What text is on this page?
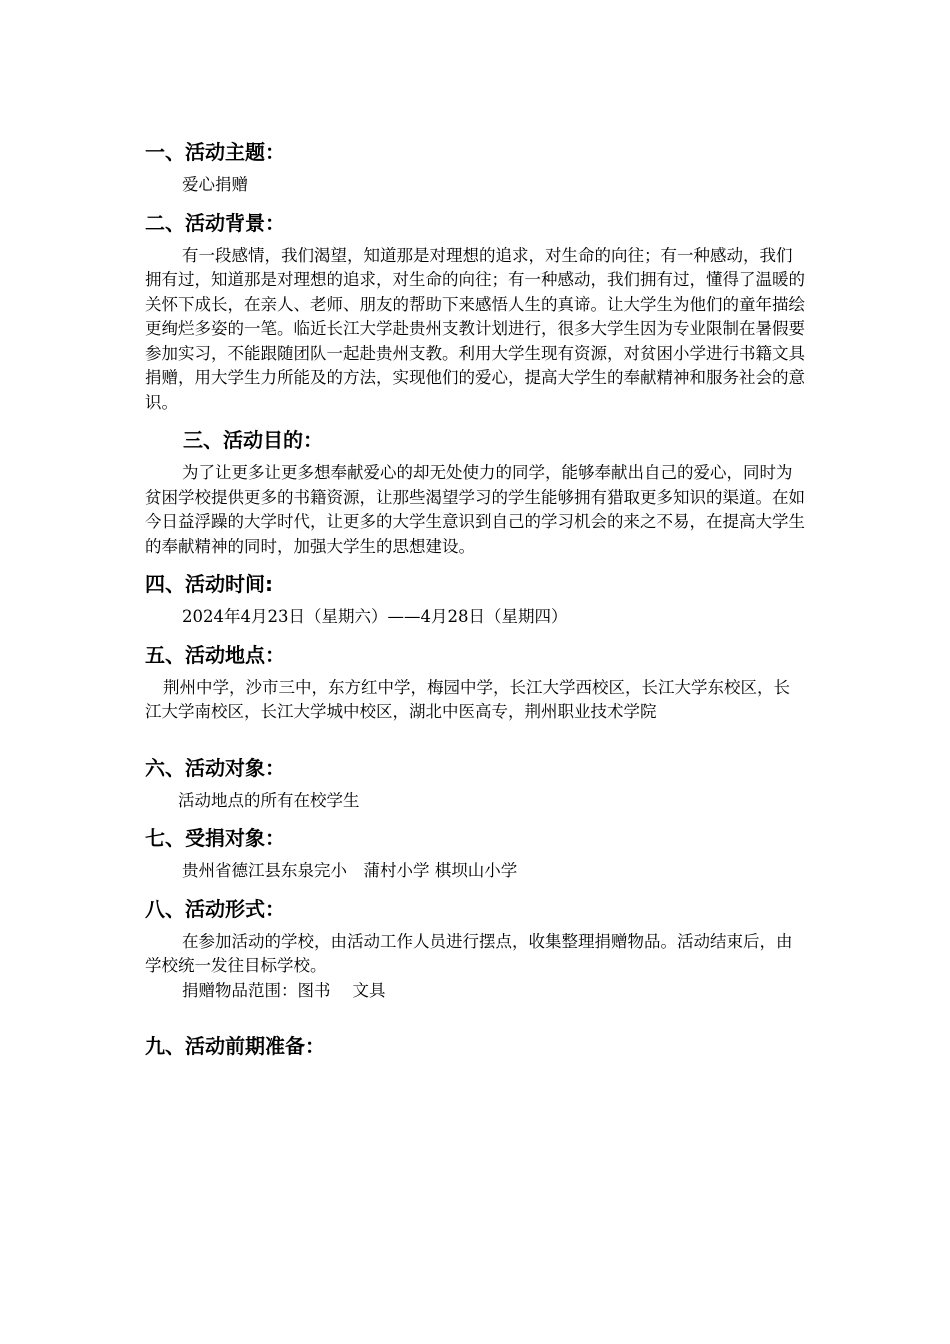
一、活动主题：

爱心捐赠

二、活动背景：

有一段感情，我们渴望，知道那是对理想的追求，对生命的向往；有一种感动，我们拥有过，知道那是对理想的追求，对生命的向往；有一种感动，我们拥有过，懂得了温暖的关怀下成长，在亲人、老师、朋友的帮助下来感悟人生的真谛。让大学生为他们的童年描绘更绚烂多姿的一笔。临近长江大学赴贵州支教计划进行，很多大学生因为专业限制在暑假要参加实习，不能跟随团队一起赴贵州支教。利用大学生现有资源，对贫困小学进行书籍文具捐赠，用大学生力所能及的方法，实现他们的爱心，提高大学生的奉献精神和服务社会的意识。

三、活动目的：

为了让更多让更多想奉献爱心的却无处使力的同学，能够奉献出自己的爱心，同时为贫困学校提供更多的书籍资源，让那些渴望学习的学生能够拥有猎取更多知识的渠道。在如今日益浮躁的大学时代，让更多的大学生意识到自己的学习机会的来之不易，在提高大学生的奉献精神的同时，加强大学生的思想建设。

四、活动时间:

2024年4月23日（星期六）——4月28日（星期四）

五、活动地点：

荆州中学，沙市三中，东方红中学，梅园中学，长江大学西校区，长江大学东校区，长江大学南校区，长江大学城中校区，湖北中医高专，荆州职业技术学院

六、活动对象：

活动地点的所有在校学生

七、受捐对象：

贵州省德江县东泉完小　蒲村小学 棋坝山小学

八、活动形式：

在参加活动的学校，由活动工作人员进行摆点，收集整理捐赠物品。活动结束后，由学校统一发往目标学校。

捐赠物品范围：图书 文具

九、活动前期准备：
